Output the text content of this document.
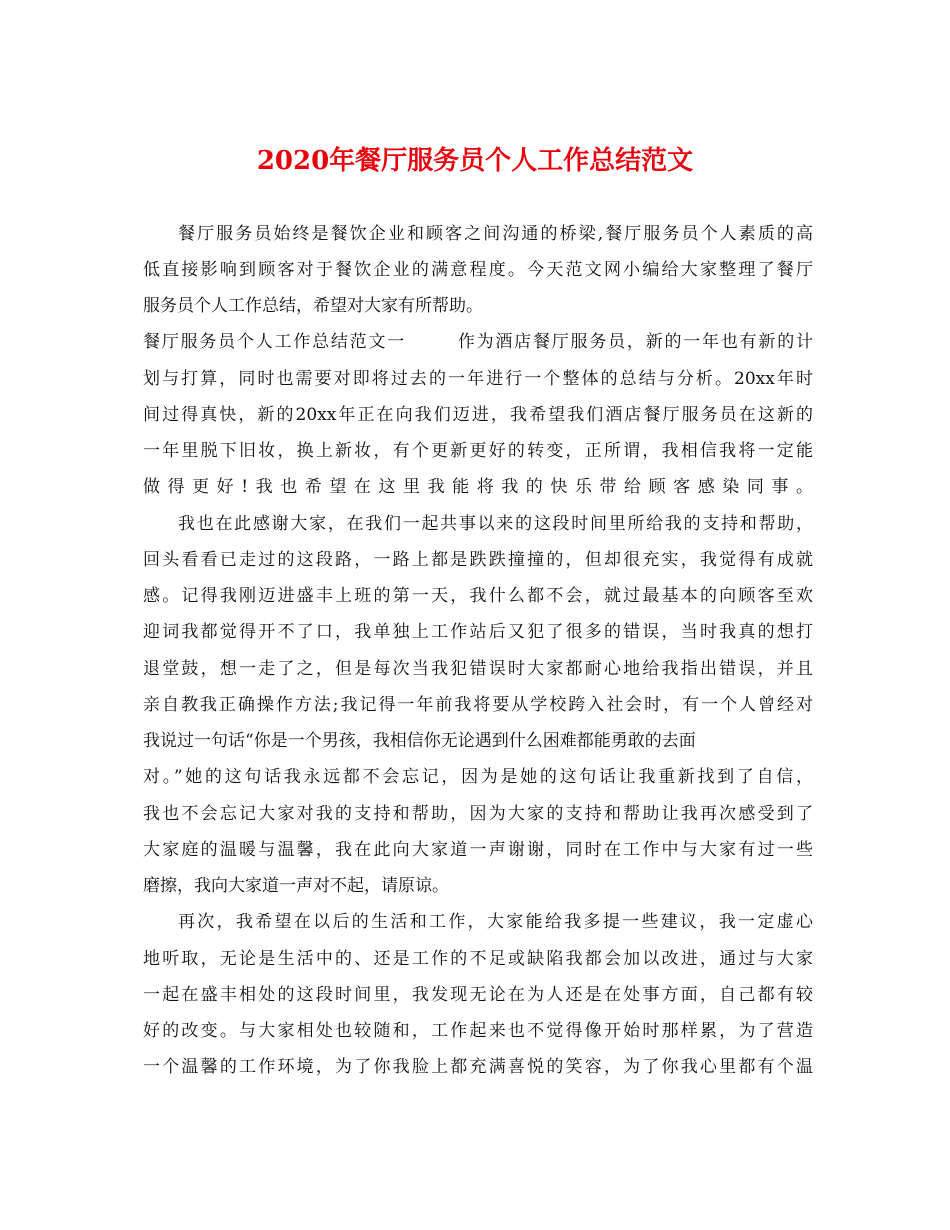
2020年餐厅服务员个人工作总结范文
餐厅服务员始终是餐饮企业和顾客之间沟通的桥梁,餐厅服务员个人素质的高
低直接影响到顾客对于餐饮企业的满意程度。今天范文网小编给大家整理了餐厅
服务员个人工作总结，希望对大家有所帮助。
餐厅服务员个人工作总结范文一	作为酒店餐厅服务员，新的一年也有新的计
划与打算，同时也需要对即将过去的一年进行一个整体的总结与分析。20xx年时
间过得真快，新的20xx年正在向我们迈进，我希望我们酒店餐厅服务员在这新的
一年里脱下旧妆，换上新妆，有个更新更好的转变，正所谓，我相信我将一定能
做得更好!我也希望在这里我能将我的快乐带给顾客感染同事。
我也在此感谢大家，在我们一起共事以来的这段时间里所给我的支持和帮助，
回头看看已走过的这段路，一路上都是跌跌撞撞的，但却很充实，我觉得有成就
感。记得我刚迈进盛丰上班的第一天，我什么都不会，就过最基本的向顾客至欢
迎词我都觉得开不了口，我单独上工作站后又犯了很多的错误，当时我真的想打
退堂鼓，想一走了之，但是每次当我犯错误时大家都耐心地给我指出错误，并且
亲自教我正确操作方法;我记得一年前我将要从学校跨入社会时，有一个人曾经对
我说过一句话“你是一个男孩，我相信你无论遇到什么困难都能勇敢的去面
对。”她的这句话我永远都不会忘记，因为是她的这句话让我重新找到了自信，
我也不会忘记大家对我的支持和帮助，因为大家的支持和帮助让我再次感受到了
大家庭的温暖与温馨，我在此向大家道一声谢谢，同时在工作中与大家有过一些
磨擦，我向大家道一声对不起，请原谅。
再次，我希望在以后的生活和工作，大家能给我多提一些建议，我一定虚心
地听取，无论是生活中的、还是工作的不足或缺陷我都会加以改进，通过与大家
一起在盛丰相处的这段时间里，我发现无论在为人还是在处事方面，自己都有较
好的改变。与大家相处也较随和，工作起来也不觉得像开始时那样累，为了营造
一个温馨的工作环境，为了你我脸上都充满喜悦的笑容，为了你我心里都有个温
